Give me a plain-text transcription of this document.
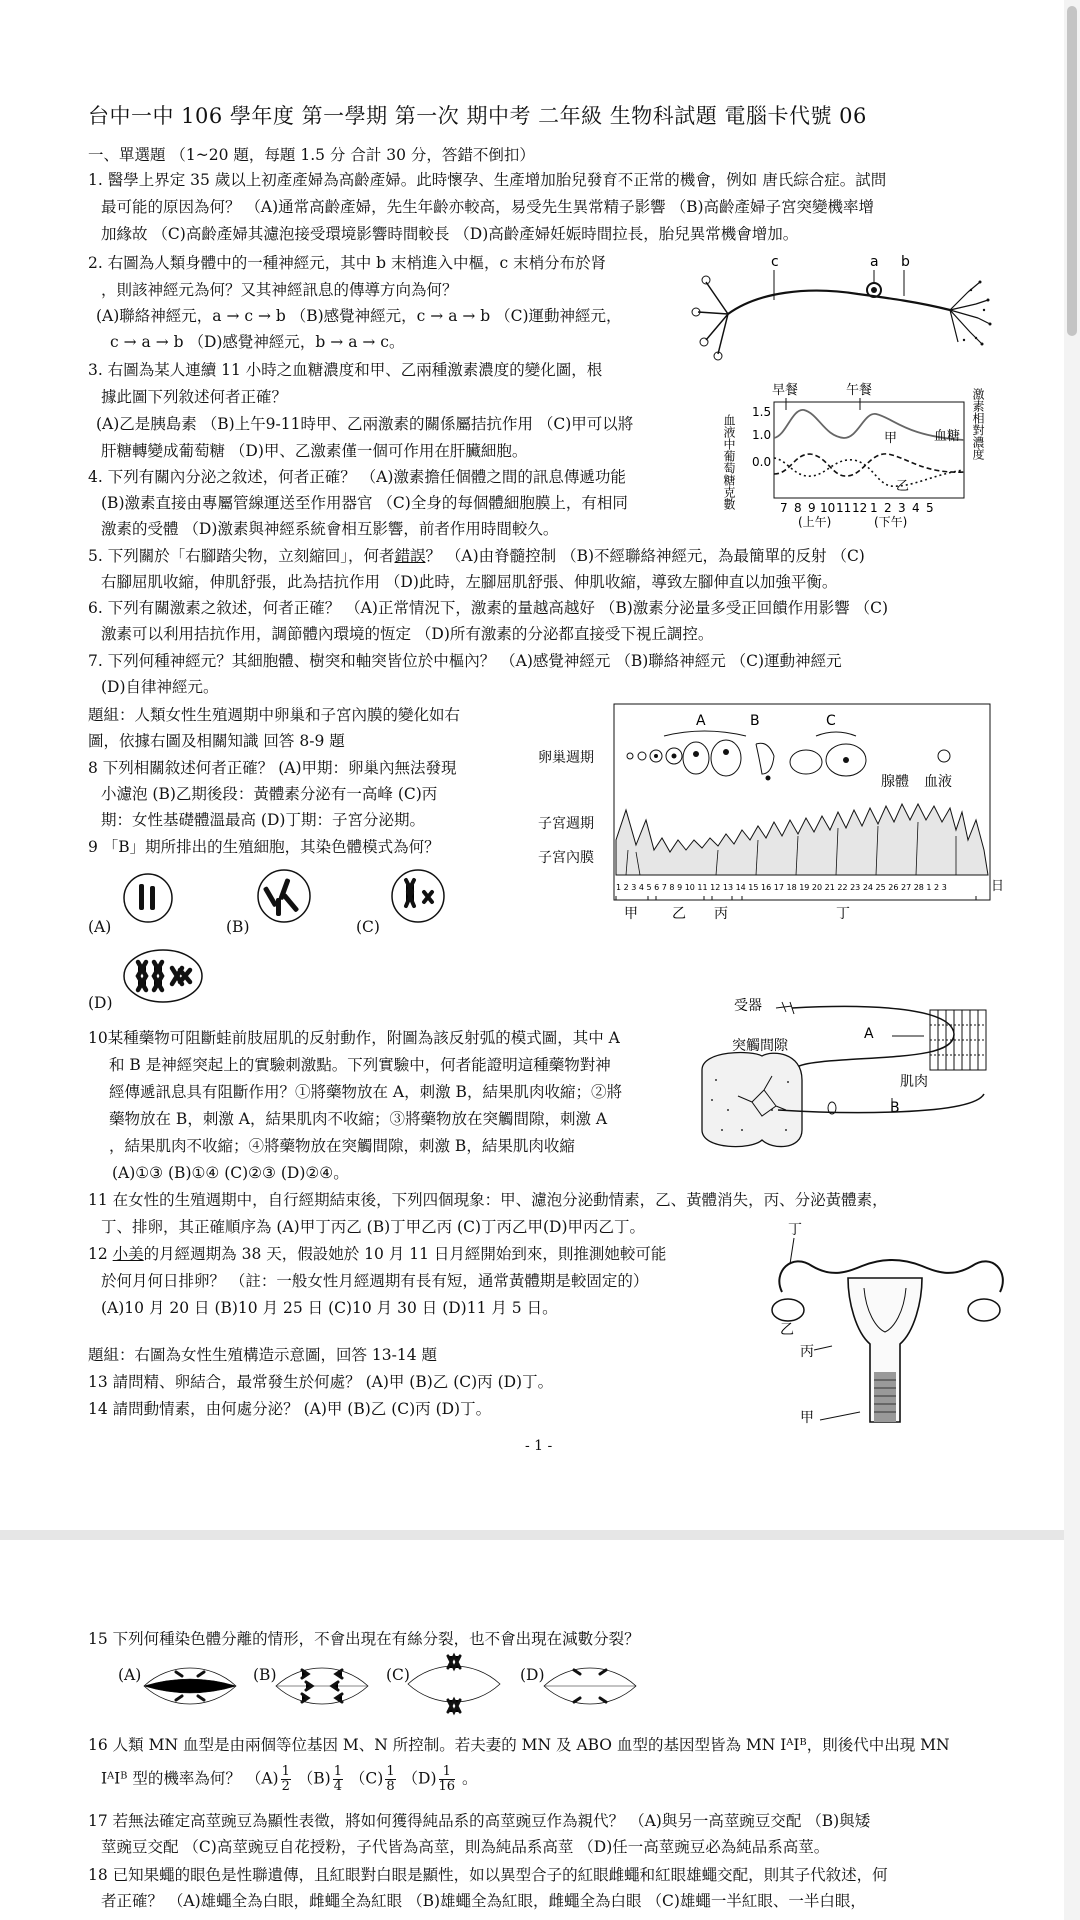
台中一中 106 學年度 第一學期 第一次 期中考 二年級 生物科試題 電腦卡代號 06
一、單選題 （1~20 題，每題 1.5 分 合計 30 分，答錯不倒扣）
1. 醫學上界定 35 歲以上初產產婦為高齡產婦。此時懷孕、生產增加胎兒發育不正常的機會，例如 唐氏綜合症。試問
最可能的原因為何？ （A)通常高齡產婦，先生年齡亦較高，易受先生異常精子影響 （B)高齡產婦子宮突變機率增
加緣故 （C)高齡產婦其濾泡接受環境影響時間較長 （D)高齡產婦妊娠時間拉長，胎兒異常機會增加。
2. 右圖為人類身體中的一種神經元，其中 b 末梢進入中樞，c 末梢分布於肾
，則該神經元為何？又其神經訊息的傳導方向為何？
(A)聯絡神經元，a → c → b （B)感覺神經元，c → a → b （C)運動神經元，
c → a → b （D)感覺神經元，b → a → c。
c	a b
3. 右圖為某人連續 11 小時之血糖濃度和甲、乙兩種激素濃度的變化圖，根
據此圖下列敘述何者正確？
(A)乙是胰島素 （B)上午9-11時甲、乙兩激素的關係屬拮抗作用 （C)甲可以將
肝糖轉變成葡萄糖 （D)甲、乙激素僅一個可作用在肝臟細胞。	血液中葡萄糖克數	激素相對濃度
早餐	午餐
1.5
1.0
0.0
血糖
甲
乙
7 8 9 10 11 12 1 2 3 4 5
(上午)	(下午)
4. 下列有關內分泌之敘述，何者正確？ （A)激素擔任個體之間的訊息傳遞功能
(B)激素直接由專屬管線運送至作用器官 （C)全身的每個體細胞膜上，有相同
激素的受體 （D)激素與神經系統會相互影響，前者作用時間較久。
5. 下列關於「右腳踏尖物，立刻縮回」，何者錯誤？ （A)由脊髓控制 （B)不經聯絡神經元，為最簡單的反射 （C)
右腳屈肌收縮，伸肌舒張，此為拮抗作用 （D)此時，左腳屈肌舒張、伸肌收縮，導致左腳伸直以加強平衡。
6. 下列有關激素之敘述，何者正確？ （A)正常情況下，激素的量越高越好 （B)激素分泌量多受正回饋作用影響 （C)
激素可以利用拮抗作用，調節體內環境的恆定 （D)所有激素的分泌都直接受下視丘調控。
7. 下列何種神經元？其細胞體、樹突和軸突皆位於中樞內？ （A)感覺神經元 （B)聯絡神經元 （C)運動神經元
(D)自律神經元。
題組：人類女性生殖週期中卵巢和子宮內膜的變化如右
圖，依據右圖及相關知識 回答 8-9 題
8 下列相關敘述何者正確？ (A)甲期：卵巢內無法發現
小濾泡 (B)乙期後段：黃體素分泌有一高峰 (C)丙
期：女性基礎體溫最高 (D)丁期：子宮分泌期。
9 「B」期所排出的生殖細胞，其染色體模式為何？
卵巢週期
子宮週期
子宮內膜
A	B	C
腺體 血液
1 2 3 4 5 6 7 8 9 10 11 12 13 14 15 16 17 18 19 20 21 22 23 24 25 26 27 28 1 2 3	日
甲 乙 丙	丁
(A)	(B)	(C)
(D)
10某種藥物可阻斷蛙前肢屈肌的反射動作，附圖為該反射弧的模式圖，其中 A
和 B 是神經突起上的實驗刺激點。下列實驗中，何者能證明這種藥物對神
經傳遞訊息具有阻斷作用？①將藥物放在 A，刺激 B，結果肌肉收縮；②將
藥物放在 B，刺激 A，結果肌肉不收縮；③將藥物放在突觸間隙，刺激 A
，結果肌肉不收縮；④將藥物放在突觸間隙，刺激 B，結果肌肉收縮
(A)①③ (B)①④ (C)②③ (D)②④。
受器
突觸間隙
A
B
肌肉
11 在女性的生殖週期中，自行經期結束後，下列四個現象：甲、濾泡分泌動情素，乙、黃體消失，丙、分泌黃體素，
丁、排卵，其正確順序為 (A)甲丁丙乙 (B)丁甲乙丙 (C)丁丙乙甲(D)甲丙乙丁。
12 小美的月經週期為 38 天，假設她於 10 月 11 日月經開始到來，則推測她較可能
於何月何日排卵？ （註：一般女性月經週期有長有短，通常黃體期是較固定的）
(A)10 月 20 日 (B)10 月 25 日 (C)10 月 30 日 (D)11 月 5 日。
題組：右圖為女性生殖構造示意圖，回答 13-14 題
13 請問精、卵結合，最常發生於何處？ (A)甲 (B)乙 (C)丙 (D)丁。
14 請問動情素，由何處分泌？ (A)甲 (B)乙 (C)丙 (D)丁。
乙
丙
丁
甲
- 1 -
15 下列何種染色體分離的情形，不會出現在有絲分裂，也不會出現在減數分裂？
(A)	(B)	(C)	(D)
16 人類 MN 血型是由兩個等位基因 M、N 所控制。若夫妻的 MN 及 ABO 血型的基因型皆為 MN IᴬIᴮ，則後代中出現 MN
IᴬIᴮ 型的機率為何？ $(A) \frac{1}{2} (B) \frac{1}{4} (C) \frac{1}{8} (D) \frac{1}{16}$ 。
17 若無法確定高莖豌豆為顯性表徵，將如何獲得純品系的高莖豌豆作為親代？ （A)與另一高莖豌豆交配 （B)與矮
莖豌豆交配 （C)高莖豌豆自花授粉，子代皆為高莖，則為純品系高莖 （D)任一高莖豌豆必為純品系高莖。
18 已知果蠅的眼色是性聯遺傳，且紅眼對白眼是顯性，如以異型合子的紅眼雌蠅和紅眼雄蠅交配，則其子代敘述，何
者正確？ （A)雄蠅全為白眼，雌蠅全為紅眼 （B)雄蠅全為紅眼，雌蠅全為白眼 （C)雄蠅一半紅眼、一半白眼，
